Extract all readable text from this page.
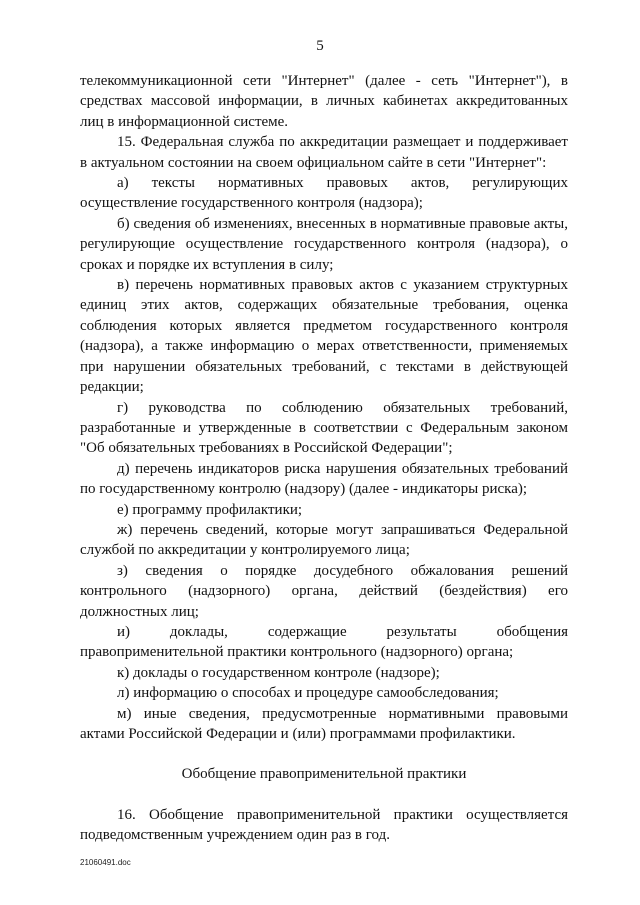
5

телекоммуникационной сети "Интернет" (далее - сеть "Интернет"), в средствах массовой информации, в личных кабинетах аккредитованных лиц в информационной системе.

15. Федеральная служба по аккредитации размещает и поддерживает в актуальном состоянии на своем официальном сайте в сети "Интернет":

а) тексты нормативных правовых актов, регулирующих осуществление государственного контроля (надзора);

б) сведения об изменениях, внесенных в нормативные правовые акты, регулирующие осуществление государственного контроля (надзора), о сроках и порядке их вступления в силу;

в) перечень нормативных правовых актов с указанием структурных единиц этих актов, содержащих обязательные требования, оценка соблюдения которых является предметом государственного контроля (надзора), а также информацию о мерах ответственности, применяемых при нарушении обязательных требований, с текстами в действующей редакции;

г) руководства по соблюдению обязательных требований, разработанные и утвержденные в соответствии с Федеральным законом "Об обязательных требованиях в Российской Федерации";

д) перечень индикаторов риска нарушения обязательных требований по государственному контролю (надзору) (далее - индикаторы риска);

е) программу профилактики;

ж) перечень сведений, которые могут запрашиваться Федеральной службой по аккредитации у контролируемого лица;

з) сведения о порядке досудебного обжалования решений контрольного (надзорного) органа, действий (бездействия) его должностных лиц;

и) доклады, содержащие результаты обобщения правоприменительной практики контрольного (надзорного) органа;

к) доклады о государственном контроле (надзоре);

л) информацию о способах и процедуре самообследования;

м) иные сведения, предусмотренные нормативными правовыми актами Российской Федерации и (или) программами профилактики.

Обобщение правоприменительной практики

16. Обобщение правоприменительной практики осуществляется подведомственным учреждением один раз в год.

21060491.doc
